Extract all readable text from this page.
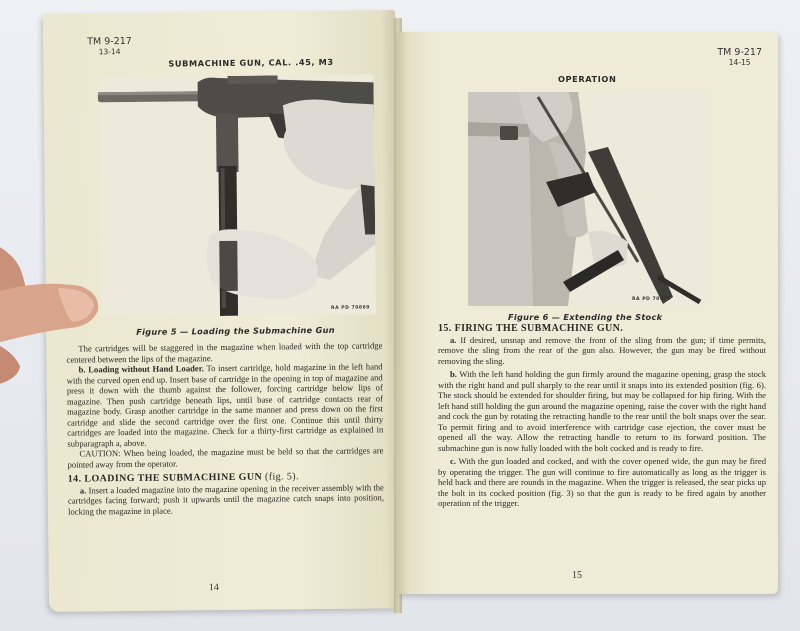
TM 9-217
13-14
SUBMACHINE GUN, CAL. .45, M3
RA PD 70869
Figure 5 — Loading the Submachine Gun

The cartridges will be staggered in the magazine when loaded with the top cartridge centered between the lips of the magazine.

b. Loading without Hand Loader. To insert cartridge, hold magazine in the left hand with the curved open end up. Insert base of cartridge in the opening in top of magazine and press it down with the thumb against the follower, forcing cartridge below lips of magazine. Then push cartridge beneath lips, until base of cartridge contacts rear of magazine body. Grasp another cartridge in the same manner and press down on the first cartridge and slide the second cartridge over the first one. Continue this until thirty cartridges are loaded into the magazine. Check for a thirty-first cartridge as explained in subparagraph a, above.

CAUTION: When being loaded, the magazine must be held so that the cartridges are pointed away from the operator.

14. LOADING THE SUBMACHINE GUN (fig. 5).

a. Insert a loaded magazine into the magazine opening in the receiver assembly with the cartridges facing forward; push it upwards until the magazine catch snaps into position, locking the magazine in place.

14
TM 9-217
14-15
OPERATION
RA PD 70870
Figure 6 — Extending the Stock

15. FIRING THE SUBMACHINE GUN.

a. If desired, unsnap and remove the front of the sling from the gun; if time permits, remove the sling from the rear of the gun also. However, the gun may be fired without removing the sling.

b. With the left hand holding the gun firmly around the magazine opening, grasp the stock with the right hand and pull sharply to the rear until it snaps into its extended position (fig. 6). The stock should be extended for shoulder firing, but may be collapsed for hip firing. With the left hand still holding the gun around the magazine opening, raise the cover with the right hand and cock the gun by rotating the retracting handle to the rear until the bolt snaps over the sear. To permit firing and to avoid interference with cartridge case ejection, the cover must be opened all the way. Allow the retracting handle to return to its forward position. The submachine gun is now fully loaded with the bolt cocked and is ready to fire.

c. With the gun loaded and cocked, and with the cover opened wide, the gun may be fired by operating the trigger. The gun will continue to fire automatically as long as the trigger is held back and there are rounds in the magazine. When the trigger is released, the sear picks up the bolt in its cocked position (fig. 3) so that the gun is ready to be fired again by another operation of the trigger.

15
